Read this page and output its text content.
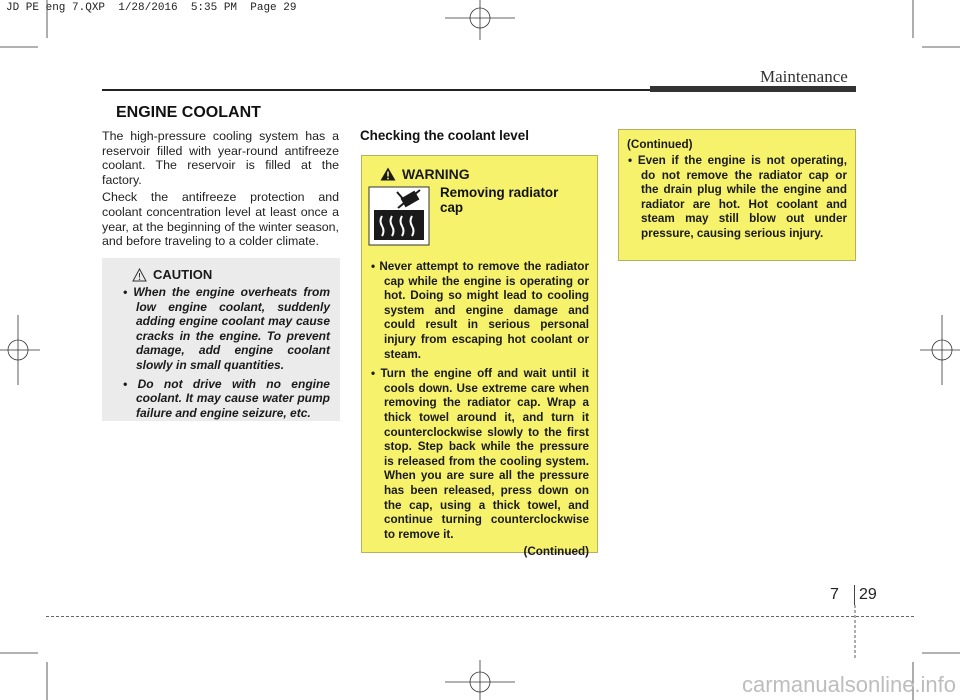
JD PE eng 7.QXP  1/28/2016  5:35 PM  Page 29
Maintenance
ENGINE COOLANT

The high-pressure cooling system has a reservoir filled with year-round antifreeze coolant. The reservoir is filled at the factory.

Check the antifreeze protection and coolant concentration level at least once a year, at the beginning of the winter season, and before traveling to a colder climate.

CAUTION
• When the engine overheats from low engine coolant, suddenly adding engine coolant may cause cracks in the engine. To prevent damage, add engine coolant slowly in small quantities.
• Do not drive with no engine coolant. It may cause water pump failure and engine seizure, etc.
Checking the coolant level
WARNING
Removing radiator cap
• Never attempt to remove the radiator cap while the engine is operating or hot. Doing so might lead to cooling system and engine damage and could result in serious personal injury from escaping hot coolant or steam.
• Turn the engine off and wait until it cools down. Use extreme care when removing the radiator cap. Wrap a thick towel around it, and turn it counterclockwise slowly to the first stop. Step back while the pressure is released from the cooling system. When you are sure all the pressure has been released, press down on the cap, using a thick towel, and continue turning counterclockwise to remove it.
(Continued)
(Continued)
• Even if the engine is not operating, do not remove the radiator cap or the drain plug while the engine and radiator are hot. Hot coolant and steam may still blow out under pressure, causing serious injury.
7 29
carmanualsonline.info
